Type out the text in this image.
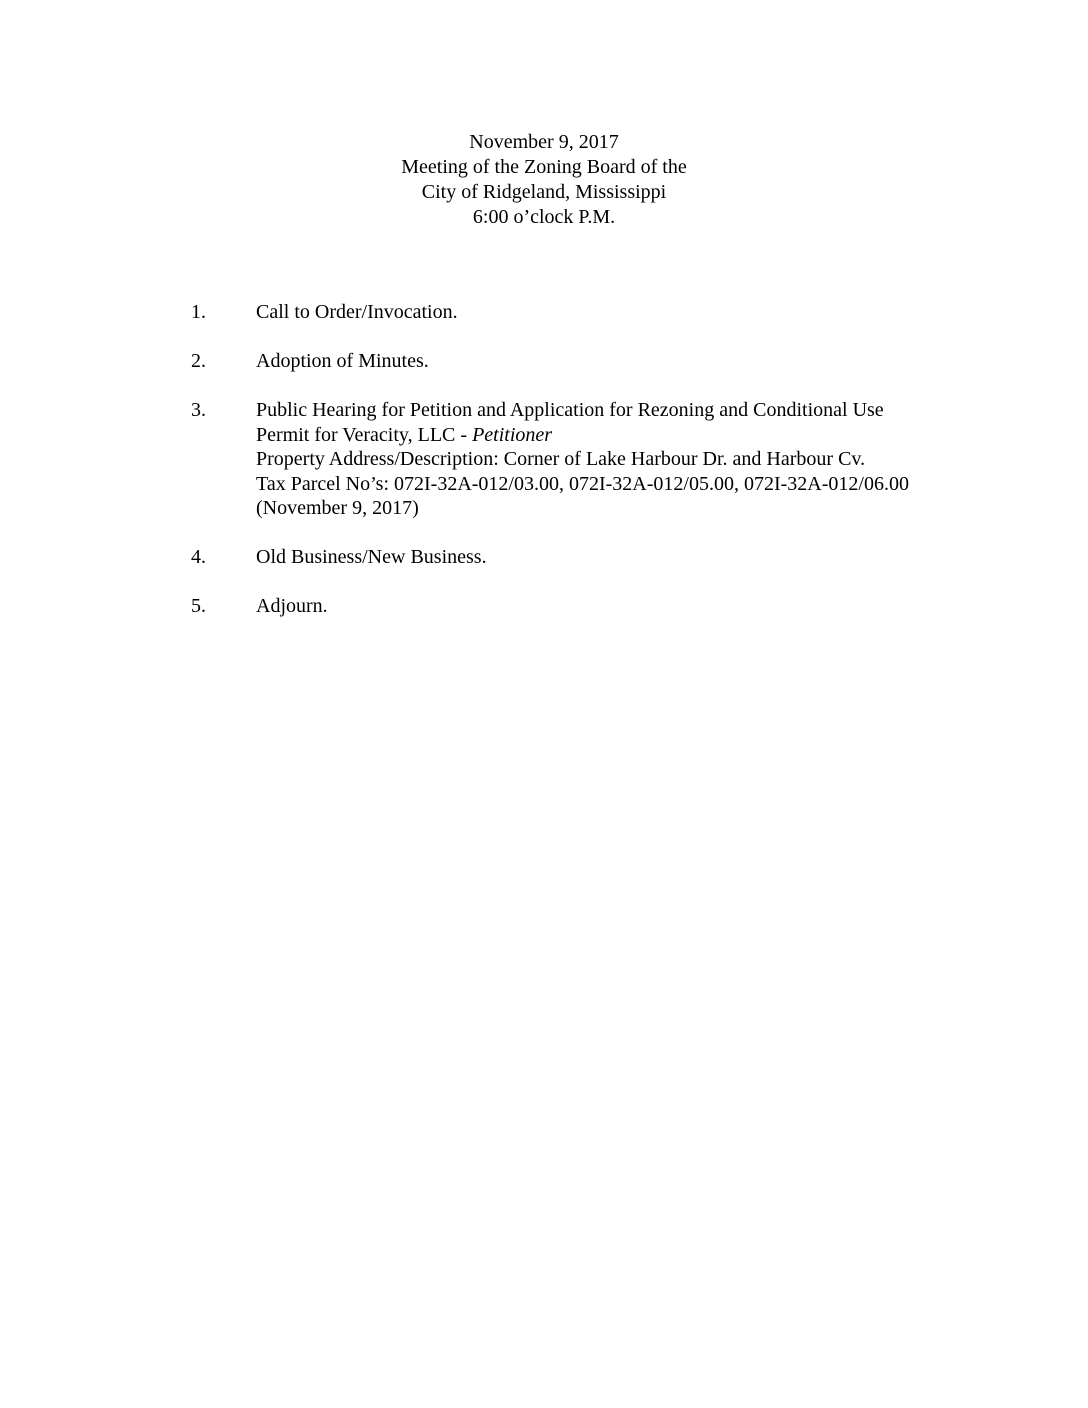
November 9, 2017
Meeting of the Zoning Board of the
City of Ridgeland, Mississippi
6:00 o’clock P.M.
1.	Call to Order/Invocation.
2.	Adoption of Minutes.
3.	Public Hearing for Petition and Application for Rezoning and Conditional Use
Permit for Veracity, LLC - Petitioner
Property Address/Description: Corner of Lake Harbour Dr. and Harbour Cv.
Tax Parcel No’s: 072I-32A-012/03.00, 072I-32A-012/05.00, 072I-32A-012/06.00
(November 9, 2017)
4.	Old Business/New Business.
5.	Adjourn.
